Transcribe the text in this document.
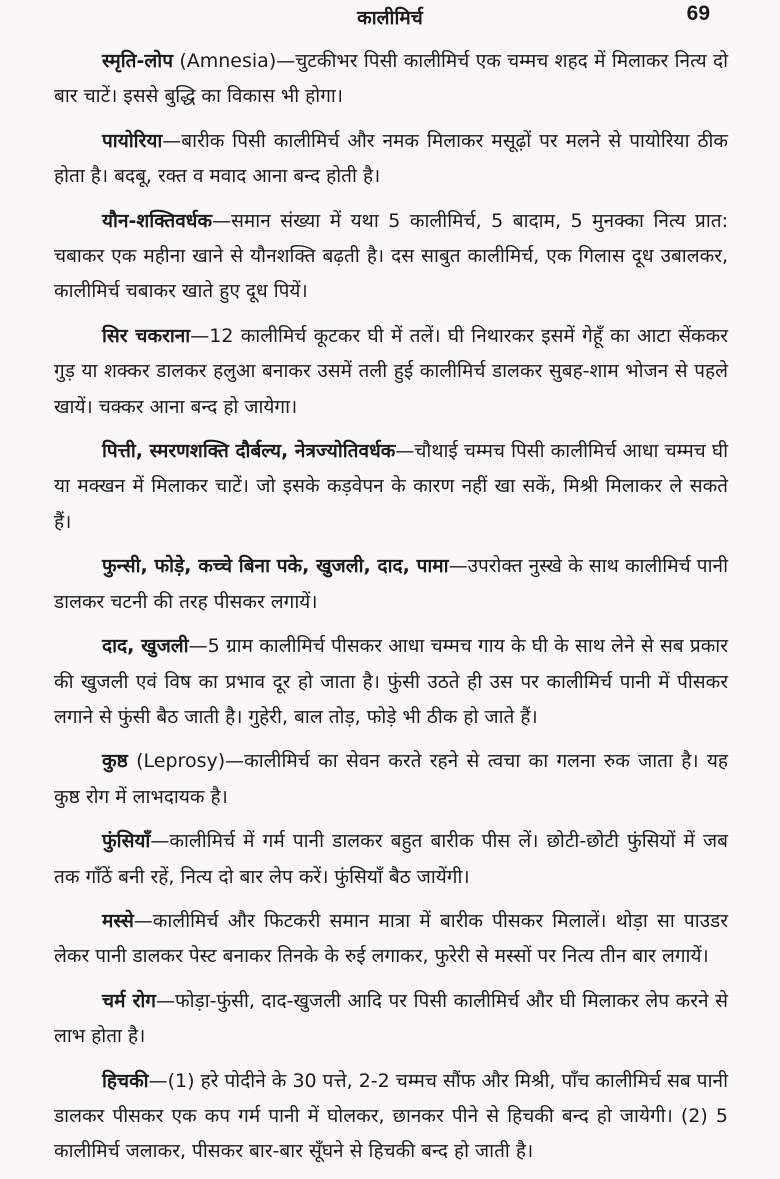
कालीमिर्च	69

स्मृति-लोप (Amnesia)—चुटकीभर पिसी कालीमिर्च एक चम्मच शहद में मिलाकर नित्य दो बार चाटें। इससे बुद्धि का विकास भी होगा।

पायोरिया—बारीक पिसी कालीमिर्च और नमक मिलाकर मसूढ़ों पर मलने से पायोरिया ठीक होता है। बदबू, रक्त व मवाद आना बन्द होती है।

यौन-शक्तिवर्धक—समान संख्या में यथा 5 कालीमिर्च, 5 बादाम, 5 मुनक्का नित्य प्रात: चबाकर एक महीना खाने से यौनशक्ति बढ़ती है। दस साबुत कालीमिर्च, एक गिलास दूध उबालकर, कालीमिर्च चबाकर खाते हुए दूध पियें।

सिर चकराना—12 कालीमिर्च कूटकर घी में तलें। घी निथारकर इसमें गेहूँ का आटा सेंककर गुड़ या शक्कर डालकर हलुआ बनाकर उसमें तली हुई कालीमिर्च डालकर सुबह-शाम भोजन से पहले खायें। चक्कर आना बन्द हो जायेगा।

पित्ती, स्मरणशक्ति दौर्बल्य, नेत्रज्योतिवर्धक—चौथाई चम्मच पिसी कालीमिर्च आधा चम्मच घी या मक्खन में मिलाकर चाटें। जो इसके कड़वेपन के कारण नहीं खा सकें, मिश्री मिलाकर ले सकते हैं।

फुन्सी, फोड़े, कच्चे बिना पके, खुजली, दाद, पामा—उपरोक्त नुस्खे के साथ कालीमिर्च पानी डालकर चटनी की तरह पीसकर लगायें।

दाद, खुजली—5 ग्राम कालीमिर्च पीसकर आधा चम्मच गाय के घी के साथ लेने से सब प्रकार की खुजली एवं विष का प्रभाव दूर हो जाता है। फुंसी उठते ही उस पर कालीमिर्च पानी में पीसकर लगाने से फुंसी बैठ जाती है। गुहेरी, बाल तोड़, फोड़े भी ठीक हो जाते हैं।

कुष्ठ (Leprosy)—कालीमिर्च का सेवन करते रहने से त्वचा का गलना रुक जाता है। यह कुष्ठ रोग में लाभदायक है।

फुंसियाँ—कालीमिर्च में गर्म पानी डालकर बहुत बारीक पीस लें। छोटी-छोटी फुंसियों में जब तक गाँठें बनी रहें, नित्य दो बार लेप करें। फुंसियाँ बैठ जायेंगी।

मस्से—कालीमिर्च और फिटकरी समान मात्रा में बारीक पीसकर मिलालें। थोड़ा सा पाउडर लेकर पानी डालकर पेस्ट बनाकर तिनके के रुई लगाकर, फुरेरी से मस्सों पर नित्य तीन बार लगायें।

चर्म रोग—फोड़ा-फुंसी, दाद-खुजली आदि पर पिसी कालीमिर्च और घी मिलाकर लेप करने से लाभ होता है।

हिचकी—(1) हरे पोदीने के 30 पत्ते, 2-2 चम्मच सौंफ और मिश्री, पाँच कालीमिर्च सब पानी डालकर पीसकर एक कप गर्म पानी में घोलकर, छानकर पीने से हिचकी बन्द हो जायेगी। (2) 5 कालीमिर्च जलाकर, पीसकर बार-बार सूँघने से हिचकी बन्द हो जाती है।
